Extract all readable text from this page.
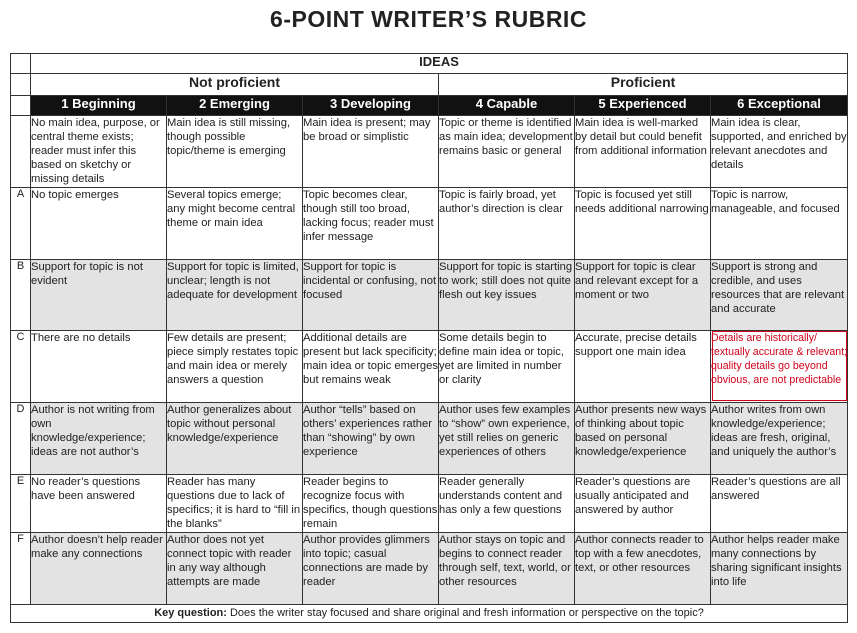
6-POINT WRITER’S RUBRIC
	IDEAS					
	Not proficient			Proficient		
	1 Beginning	2 Emerging	3 Developing	4 Capable	5 Experienced	6 Exceptional
	No main idea, purpose, or central theme exists; reader must infer this based on sketchy or missing details	Main idea is still missing, though possible topic/theme is emerging	Main idea is present; may be broad or simplistic	Topic or theme is identified as main idea; development remains basic or general	Main idea is well-marked by detail but could benefit from additional information	Main idea is clear, supported, and enriched by relevant anecdotes and details
A	No topic emerges	Several topics emerge; any might become central theme or main idea	Topic becomes clear, though still too broad, lacking focus; reader must infer message	Topic is fairly broad, yet author’s direction is clear	Topic is focused yet still needs additional narrowing	Topic is narrow, manageable, and focused
B	Support for topic is not evident	Support for topic is limited, unclear; length is not adequate for development	Support for topic is incidental or confusing, not focused	Support for topic is starting to work; still does not quite flesh out key issues	Support for topic is clear and relevant except for a moment or two	Support is strong and credible, and uses resources that are relevant and accurate
C	There are no details	Few details are present; piece simply restates topic and main idea or merely answers a question	Additional details are present but lack specificity; main idea or topic emerges but remains weak	Some details begin to define main idea or topic, yet are limited in number or clarity	Accurate, precise details support one main idea	Details are historically/ textually accurate & relevant; quality details go beyond obvious, are not predictable
D	Author is not writing from own knowledge/experience; ideas are not author’s	Author generalizes about topic without personal knowledge/experience	Author “tells” based on others’ experiences rather than “showing” by own experience	Author uses few examples to “show” own experience, yet still relies on generic experiences of others	Author presents new ways of thinking about topic based on personal knowledge/experience	Author writes from own knowledge/experience; ideas are fresh, original, and uniquely the author’s
E	No reader’s questions have been answered	Reader has many questions due to lack of specifics; it is hard to “fill in the blanks”	Reader begins to recognize focus with specifics, though questions remain	Reader generally understands content and has only a few questions	Reader’s questions are usually anticipated and answered by author	Reader’s questions are all answered
F	Author doesn’t help reader make any connections	Author does not yet connect topic with reader in any way although attempts are made	Author provides glimmers into topic; casual connections are made by reader	Author stays on topic and begins to connect reader through self, text, world, or other resources	Author connects reader to top with a few anecdotes, text, or other resources	Author helps reader make many connections by sharing significant insights into life
Key question: Does the writer stay focused and share original and fresh information or perspective on the topic?						
